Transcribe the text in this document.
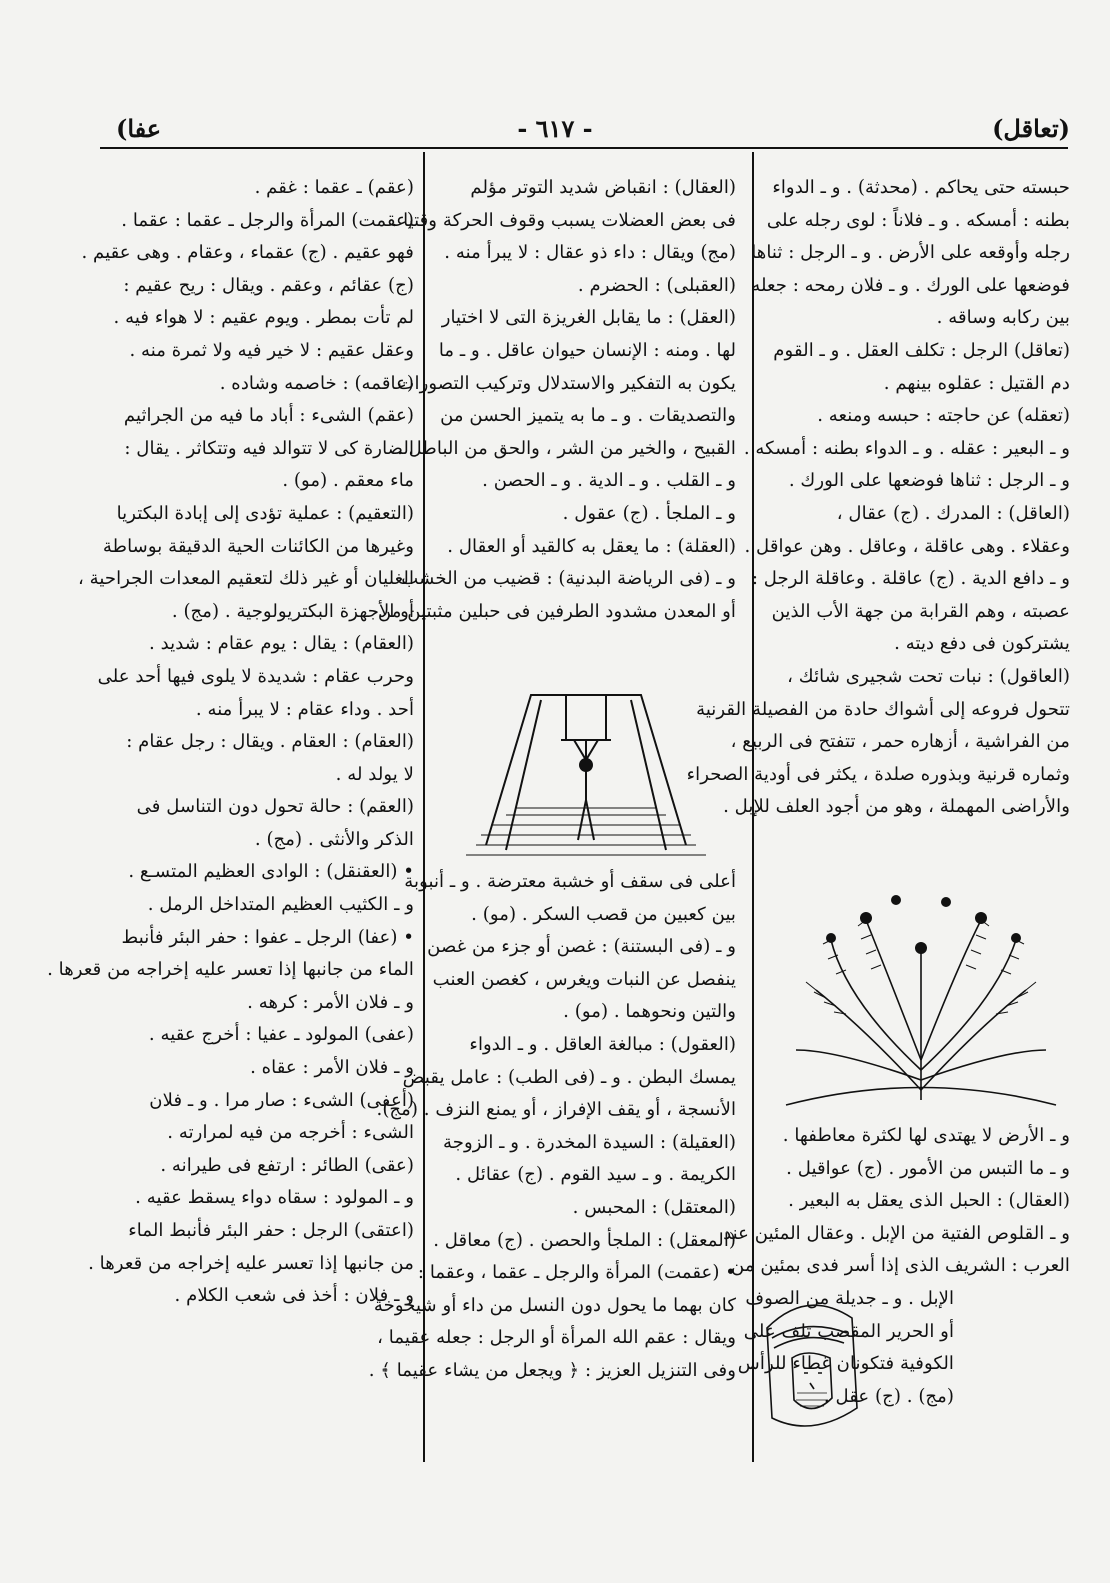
(تعاقل)
- ٦١٧ -
عفا)
حبسته حتى يحاكم . (محدثة) . و ـ الدواء
بطنه : أمسكه . و ـ فلاناً : لوى رجله على
رجله وأوقعه على الأرض . و ـ الرجل : ثناها
فوضعها على الورك . و ـ فلان رمحه : جعله
بين ركابه وساقه .
(تعاقل) الرجل : تكلف العقل . و ـ القوم
دم القتيل : عقلوه بينهم .
(تعقله) عن حاجته : حبسه ومنعه .
و ـ البعير : عقله . و ـ الدواء بطنه : أمسكه .
و ـ الرجل : ثناها فوضعها على الورك .
(العاقل) : المدرك . (ج) عقال ،
وعقلاء . وهى عاقلة ، وعاقل . وهن عواقل .
و ـ دافع الدية . (ج) عاقلة . وعاقلة الرجل :
عصبته ، وهم القرابة من جهة الأب الذين
يشتركون فى دفع ديته .
(العاقول) : نبات تحت شجيرى شائك ،
تتحول فروعه إلى أشواك حادة من الفصيلة القرنية
من الفراشية ، أزهاره حمر ، تتفتح فى الربيع ،
وثماره قرنية وبذوره صلدة ، يكثر فى أودية الصحراء
والأراضى المهملة ، وهو من أجود العلف للإبل .
و ـ الأرض لا يهتدى لها لكثرة معاطفها .
و ـ ما التبس من الأمور . (ج) عواقيل .
(العقال) : الحبل الذى يعقل به البعير .
و ـ القلوص الفتية من الإبل . وعقال المئين عند
العرب : الشريف الذى إذا أسر فدى بمئين من
الإبل . و ـ جديلة من الصوف
أو الحرير المقصب تلف على
الكوفية فتكونان غطاء للرأس
(مج) . (ج) عقل .
(العقال) : انقباض شديد التوتر مؤلم
فى بعض العضلات يسبب وقوف الحركة وقتيا .
(مج) ويقال : داء ذو عقال : لا يبرأ منه .
(العقبلى) : الحضرم .
(العقل) : ما يقابل الغريزة التى لا اختيار
لها . ومنه : الإنسان حيوان عاقل . و ـ ما
يكون به التفكير والاستدلال وتركيب التصورات
والتصديقات . و ـ ما به يتميز الحسن من
القبيح ، والخير من الشر ، والحق من الباطل .
و ـ القلب . و ـ الدية . و ـ الحصن .
و ـ الملجأ . (ج) عقول .
(العقلة) : ما يعقل به كالقيد أو العقال .
و ـ (فى الرياضة البدنية) : قضيب من الخشب
أو المعدن مشدود الطرفين فى حبلين مثبتين من
أعلى فى سقف أو خشبة معترضة . و ـ أنبوبة
بين كعبين من قصب السكر . (مو) .
و ـ (فى البستنة) : غصن أو جزء من غصن
ينفصل عن النبات ويغرس ، كغصن العنب
والتين ونحوهما . (مو) .
(العقول) : مبالغة العاقل . و ـ الدواء
يمسك البطن . و ـ (فى الطب) : عامل يقبض
الأنسجة ، أو يقف الإفراز ، أو يمنع النزف . (مج).
(العقيلة) : السيدة المخدرة . و ـ الزوجة
الكريمة . و ـ سيد القوم . (ج) عقائل .
(المعتقل) : المحبس .
(المعقل) : الملجأ والحصن . (ج) معاقل .
• (عقمت) المرأة والرجل ـ عقما ، وعقما :
كان بهما ما يحول دون النسل من داء أو شيخوخة
ويقال : عقم الله المرأة أو الرجل : جعله عقيما ،
وفى التنزيل العزيز : ﴿ ويجعل من يشاء عقيما ﴾ .
(عقم) ـ عقما : غقم .
(عقمت) المرأة والرجل ـ عقما : عقما .
فهو عقيم . (ج) عقماء ، وعقام . وهى عقيم .
(ج) عقائم ، وعقم . ويقال : ريح عقيم :
لم تأت بمطر . ويوم عقيم : لا هواء فيه .
وعقل عقيم : لا خير فيه ولا ثمرة منه .
(عاقمه) : خاصمه وشاده .
(عقم) الشىء : أباد ما فيه من الجراثيم
الضارة كى لا تتوالد فيه وتتكاثر . يقال :
ماء معقم . (مو) .
(التعقيم) : عملية تؤدى إلى إبادة البكتريا
وغيرها من الكائنات الحية الدقيقة بوساطة
الغليان أو غير ذلك لتعقيم المعدات الجراحية ،
أو الأجهزة البكتريولوجية . (مج) .
(العقام) : يقال : يوم عقام : شديد .
وحرب عقام : شديدة لا يلوى فيها أحد على
أحد . وداء عقام : لا يبرأ منه .
(العقام) : العقام . ويقال : رجل عقام :
لا يولد له .
(العقم) : حالة تحول دون التناسل فى
الذكر والأنثى . (مج) .
• (العقنقل) : الوادى العظيم المتسـع .
و ـ الكثيب العظيم المتداخل الرمل .
• (عفا) الرجل ـ عفوا : حفر البئر فأنبط
الماء من جانبها إذا تعسر عليه إخراجه من قعرها .
و ـ فلان الأمر : كرهه .
(عفى) المولود ـ عفيا : أخرج عقيه .
و ـ فلان الأمر : عقاه .
(أعفى) الشىء : صار مرا . و ـ فلان
الشىء : أخرجه من فيه لمرارته .
(عقى) الطائر : ارتفع فى طيرانه .
و ـ المولود : سقاه دواء يسقط عقيه .
(اعتقى) الرجل : حفر البئر فأنبط الماء
من جانبها إذا تعسر عليه إخراجه من قعرها .
و ـ فلان : أخذ فى شعب الكلام .
